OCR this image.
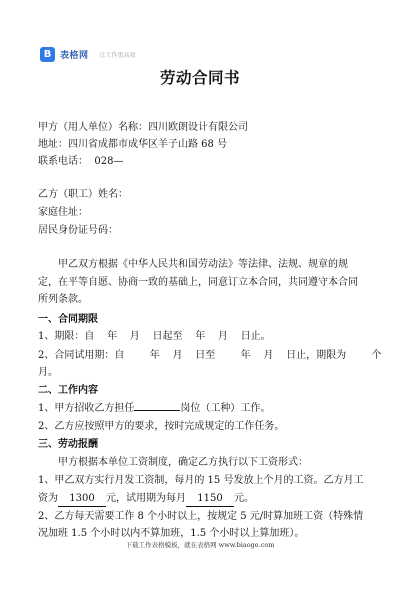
B 表格网 让工作更高效
劳动合同书
甲方（用人单位）名称：四川欧朗设计有限公司
地址：四川省成都市成华区羊子山路 68 号
联系电话： 028—
乙方（职工）姓名：
家庭住址：
居民身份证号码：
甲乙双方根据《中华人民共和国劳动法》等法律、法规、规章的规
定，在平等自愿、协商一致的基础上，同意订立本合同，共同遵守本合同
所列条款。
一、合同期限
1、期限：自    年    月    日起至    年    月    日止。
2、合同试用期：自        年    月    日至        年    月    日止，期限为        个
月。
二、工作内容
1、甲方招收乙方担任	岗位（工种）工作。
2、乙方应按照甲方的要求，按时完成规定的工作任务。
三、劳动报酬
甲方根据本单位工资制度，确定乙方执行以下工资形式：
1、甲乙双方实行月发工资制，每月的 15 号发放上个月的工资。乙方月工
资为 1300 元，试用期为每月 1150 元。
2、乙方每天需要工作 8 个小时以上，按规定 5 元/时算加班工资（特殊情
况加班 1.5 个小时以内不算加班，1.5 个小时以上算加班）。
下载工作表格模板，就在表格网 www.biaoge.com
